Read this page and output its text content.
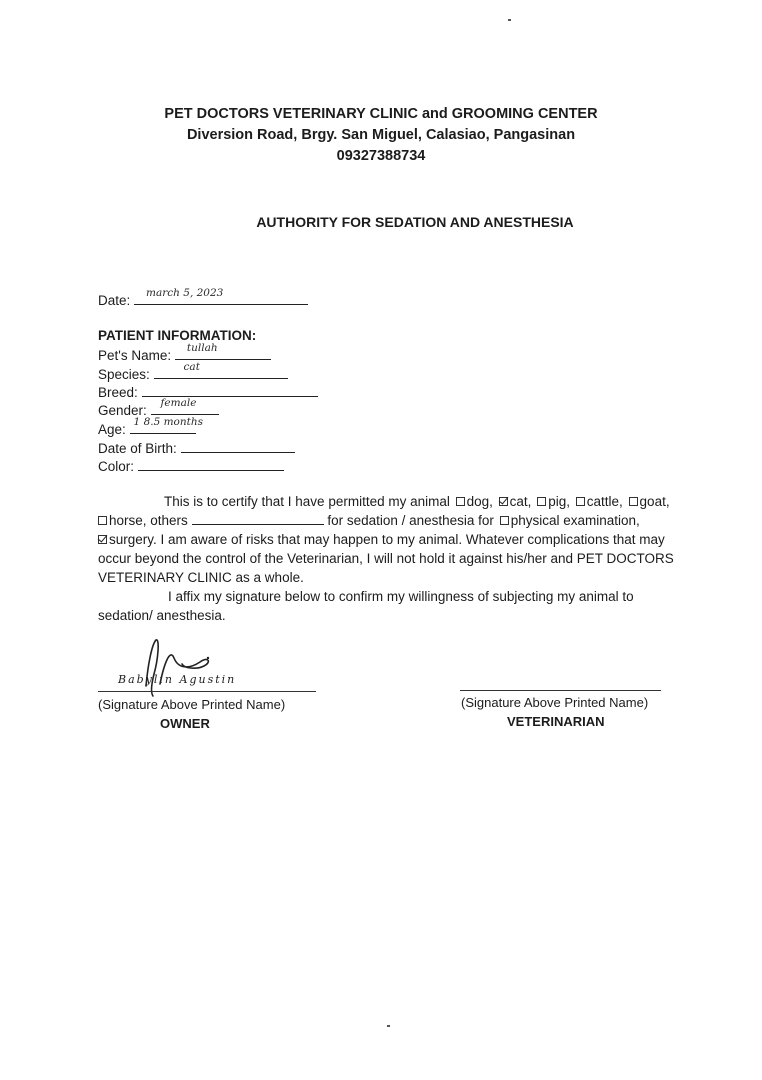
PET DOCTORS VETERINARY CLINIC and GROOMING CENTER
Diversion Road, Brgy. San Miguel, Calasiao, Pangasinan
09327388734
AUTHORITY FOR SEDATION AND ANESTHESIA
Date: march 5, 2023
PATIENT INFORMATION:
Pet's Name: tullah
Species:	cat
Breed:
Gender: female
Age: 1 8.5 months
Date of Birth:
Color:
This is to certify that I have permitted my animal dog, cat, pig, cattle, goat,
horse, others	for sedation / anesthesia for physical examination,
surgery. I am aware of risks that may happen to my animal. Whatever complications that may
occur beyond the control of the Veterinarian, I will not hold it against his/her and PET DOCTORS
VETERINARY CLINIC as a whole.
I affix my signature below to confirm my willingness of subjecting my animal to
sedation/ anesthesia.
Babylin Agustin
(Signature Above Printed Name)
OWNER
(Signature Above Printed Name)
VETERINARIAN
